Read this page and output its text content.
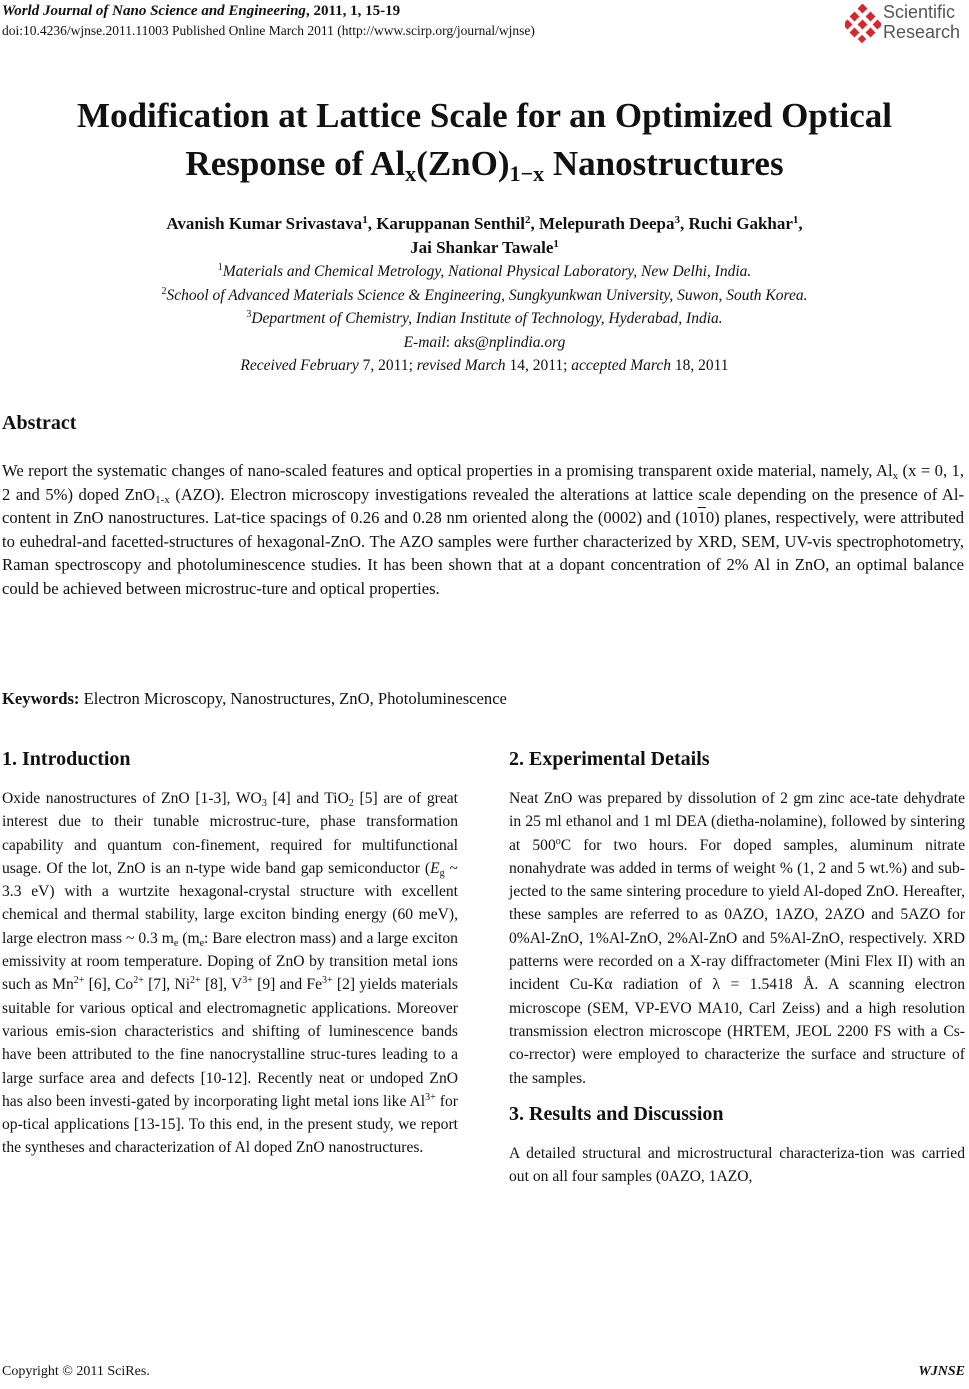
World Journal of Nano Science and Engineering, 2011, 1, 15-19
doi:10.4236/wjnse.2011.11003 Published Online March 2011 (http://www.scirp.org/journal/wjnse)
Scientific
Research
Modification at Lattice Scale for an Optimized Optical
Response of $Al_x(ZnO)_{1-x}$ Nanostructures
Avanish Kumar Srivastava$^1$, Karuppanan Senthil$^2$, Melepurath Deepa$^3$, Ruchi Gakhar$^1$,
Jai Shankar Tawale$^1$
$^1$Materials and Chemical Metrology, National Physical Laboratory, New Delhi, India.
$^2$School of Advanced Materials Science & Engineering, Sungkyunkwan University, Suwon, South Korea.
$^3$Department of Chemistry, Indian Institute of Technology, Hyderabad, India.
E-mail: aks@nplindia.org
Received February 7, 2011; revised March 14, 2011; accepted March 18, 2011
Abstract
We report the systematic changes of nano-scaled features and optical properties in a promising transparent oxide material, namely, $Al_x$ (x = 0, 1, 2 and 5%) doped ZnO$_{1-x}$ (AZO). Electron microscopy investigations revealed the alterations at lattice scale depending on the presence of Al-content in ZnO nanostructures. Lat-tice spacings of 0.26 and 0.28 nm oriented along the (0002) and (1010) planes, respectively, were attributed to euhedral-and facetted-structures of hexagonal-ZnO. The AZO samples were further characterized by XRD, SEM, UV-vis spectrophotometry, Raman spectroscopy and photoluminescence studies. It has been shown that at a dopant concentration of 2% Al in ZnO, an optimal balance could be achieved between microstruc-ture and optical properties.
Keywords: Electron Microscopy, Nanostructures, ZnO, Photoluminescence
1. Introduction

Oxide nanostructures of ZnO [1-3], $WO_3$ [4] and TiO$_2$ [5] are of great interest due to their tunable microstruc-ture, phase transformation capability and quantum con-finement, required for multifunctional usage. Of the lot, ZnO is an n-type wide band gap semiconductor ($E_g$ ~ 3.3 eV) with a wurtzite hexagonal-crystal structure with excellent chemical and thermal stability, large exciton binding energy (60 meV), large electron mass ~ 0.3 $m_e$ ($m_e$: Bare electron mass) and a large exciton emissivity at room temperature. Doping of ZnO by transition metal ions such as $Mn^{2+}$ [6], $Co^{2+}$ [7], $Ni^{2+}$ [8], $V^{3+}$ [9] and $Fe^{3+}$ [2] yields materials suitable for various optical and electromagnetic applications. Moreover various emis-sion characteristics and shifting of luminescence bands have been attributed to the fine nanocrystalline struc-tures leading to a large surface area and defects [10-12]. Recently neat or undoped ZnO has also been investi-gated by incorporating light metal ions like $Al^{3+}$ for op-tical applications [13-15]. To this end, in the present study, we report the syntheses and characterization of Al doped ZnO nanostructures.

2. Experimental Details

Neat ZnO was prepared by dissolution of 2 gm zinc ace-tate dehydrate in 25 ml ethanol and 1 ml DEA (dietha-nolamine), followed by sintering at 500$^o$C for two hours. For doped samples, aluminum nitrate nonahydrate was added in terms of weight % (1, 2 and 5 wt.%) and sub-jected to the same sintering procedure to yield Al-doped ZnO. Hereafter, these samples are referred to as 0AZO, 1AZO, 2AZO and 5AZO for 0%Al-ZnO, 1%Al-ZnO, 2%Al-ZnO and 5%Al-ZnO, respectively. XRD patterns were recorded on a X-ray diffractometer (Mini Flex II) with an incident Cu-Kα radiation of λ = 1.5418 Å. A scanning electron microscope (SEM, VP-EVO MA10, Carl Zeiss) and a high resolution transmission electron microscope (HRTEM, JEOL 2200 FS with a Cs-co-rrector) were employed to characterize the surface and structure of the samples.

3. Results and Discussion

A detailed structural and microstructural characteriza-tion was carried out on all four samples (0AZO, 1AZO,

Copyright © 2011 SciRes.	WJNSE
